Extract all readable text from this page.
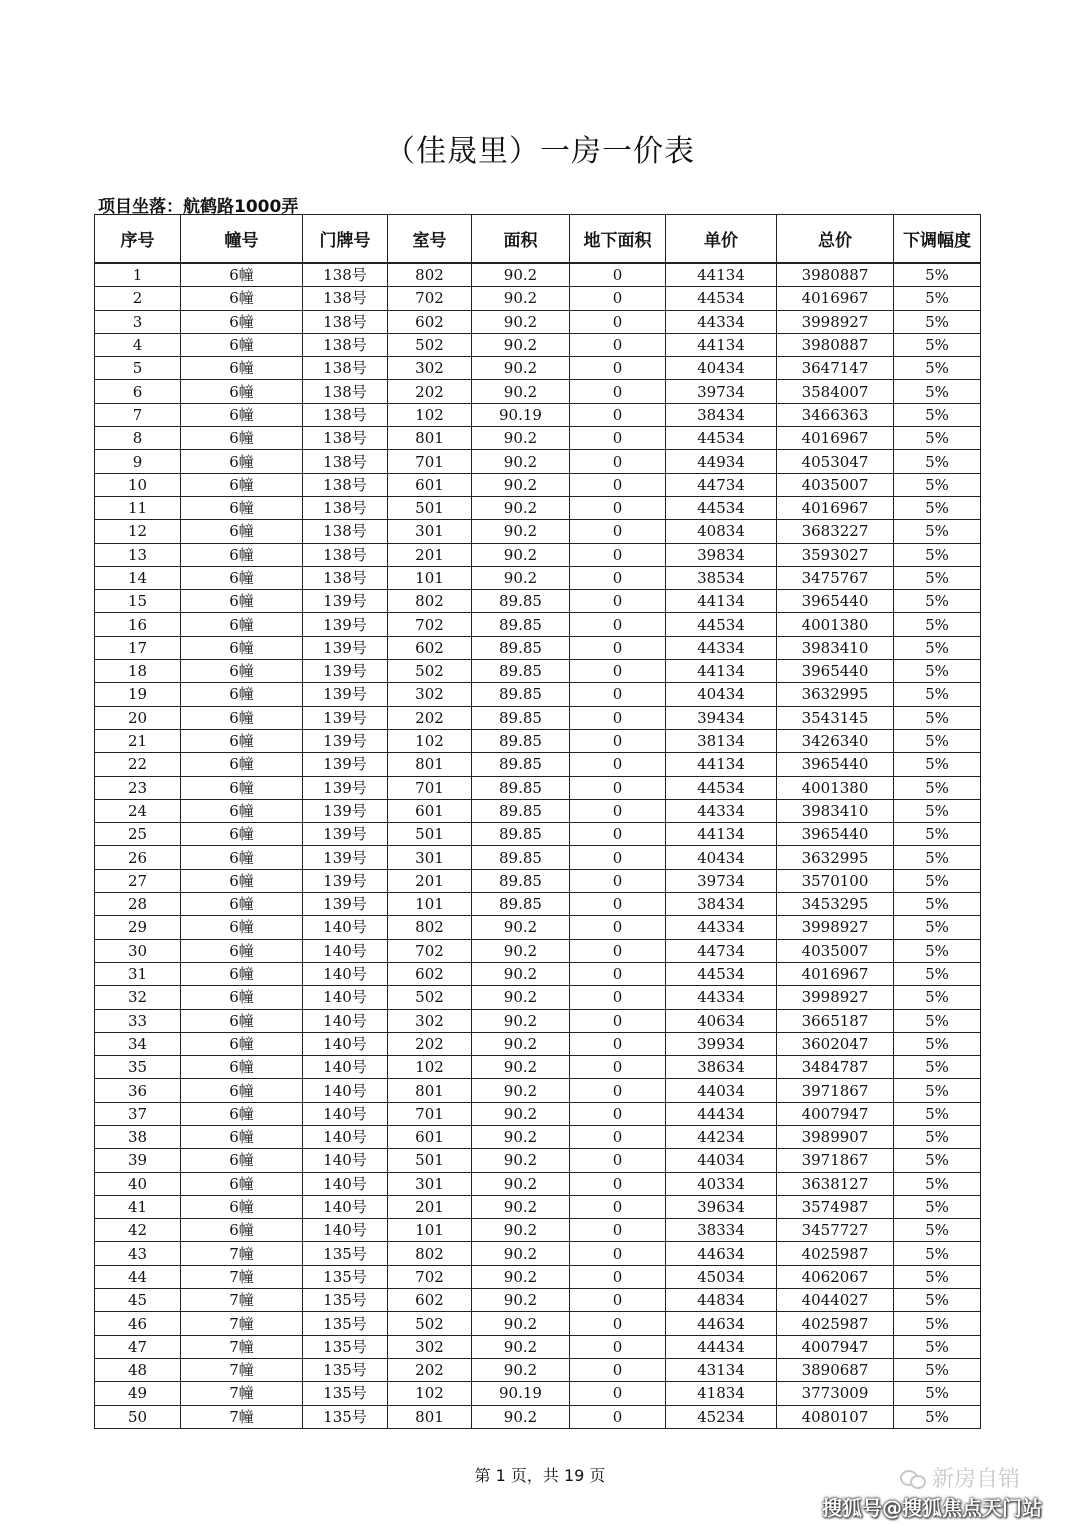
（佳晟里）一房一价表
项目坐落：航鹤路1000弄
序号	幢号	门牌号	室号	面积	地下面积	单价	总价	下调幅度
1	6幢	138号	802	90.2	0	44134	3980887	5%
2	6幢	138号	702	90.2	0	44534	4016967	5%
3	6幢	138号	602	90.2	0	44334	3998927	5%
4	6幢	138号	502	90.2	0	44134	3980887	5%
5	6幢	138号	302	90.2	0	40434	3647147	5%
6	6幢	138号	202	90.2	0	39734	3584007	5%
7	6幢	138号	102	90.19	0	38434	3466363	5%
8	6幢	138号	801	90.2	0	44534	4016967	5%
9	6幢	138号	701	90.2	0	44934	4053047	5%
10	6幢	138号	601	90.2	0	44734	4035007	5%
11	6幢	138号	501	90.2	0	44534	4016967	5%
12	6幢	138号	301	90.2	0	40834	3683227	5%
13	6幢	138号	201	90.2	0	39834	3593027	5%
14	6幢	138号	101	90.2	0	38534	3475767	5%
15	6幢	139号	802	89.85	0	44134	3965440	5%
16	6幢	139号	702	89.85	0	44534	4001380	5%
17	6幢	139号	602	89.85	0	44334	3983410	5%
18	6幢	139号	502	89.85	0	44134	3965440	5%
19	6幢	139号	302	89.85	0	40434	3632995	5%
20	6幢	139号	202	89.85	0	39434	3543145	5%
21	6幢	139号	102	89.85	0	38134	3426340	5%
22	6幢	139号	801	89.85	0	44134	3965440	5%
23	6幢	139号	701	89.85	0	44534	4001380	5%
24	6幢	139号	601	89.85	0	44334	3983410	5%
25	6幢	139号	501	89.85	0	44134	3965440	5%
26	6幢	139号	301	89.85	0	40434	3632995	5%
27	6幢	139号	201	89.85	0	39734	3570100	5%
28	6幢	139号	101	89.85	0	38434	3453295	5%
29	6幢	140号	802	90.2	0	44334	3998927	5%
30	6幢	140号	702	90.2	0	44734	4035007	5%
31	6幢	140号	602	90.2	0	44534	4016967	5%
32	6幢	140号	502	90.2	0	44334	3998927	5%
33	6幢	140号	302	90.2	0	40634	3665187	5%
34	6幢	140号	202	90.2	0	39934	3602047	5%
35	6幢	140号	102	90.2	0	38634	3484787	5%
36	6幢	140号	801	90.2	0	44034	3971867	5%
37	6幢	140号	701	90.2	0	44434	4007947	5%
38	6幢	140号	601	90.2	0	44234	3989907	5%
39	6幢	140号	501	90.2	0	44034	3971867	5%
40	6幢	140号	301	90.2	0	40334	3638127	5%
41	6幢	140号	201	90.2	0	39634	3574987	5%
42	6幢	140号	101	90.2	0	38334	3457727	5%
43	7幢	135号	802	90.2	0	44634	4025987	5%
44	7幢	135号	702	90.2	0	45034	4062067	5%
45	7幢	135号	602	90.2	0	44834	4044027	5%
46	7幢	135号	502	90.2	0	44634	4025987	5%
47	7幢	135号	302	90.2	0	44434	4007947	5%
48	7幢	135号	202	90.2	0	43134	3890687	5%
49	7幢	135号	102	90.19	0	41834	3773009	5%
50	7幢	135号	801	90.2	0	45234	4080107	5%
第 1 页，共 19 页	新房自销
搜狐号@搜狐焦点天门站
